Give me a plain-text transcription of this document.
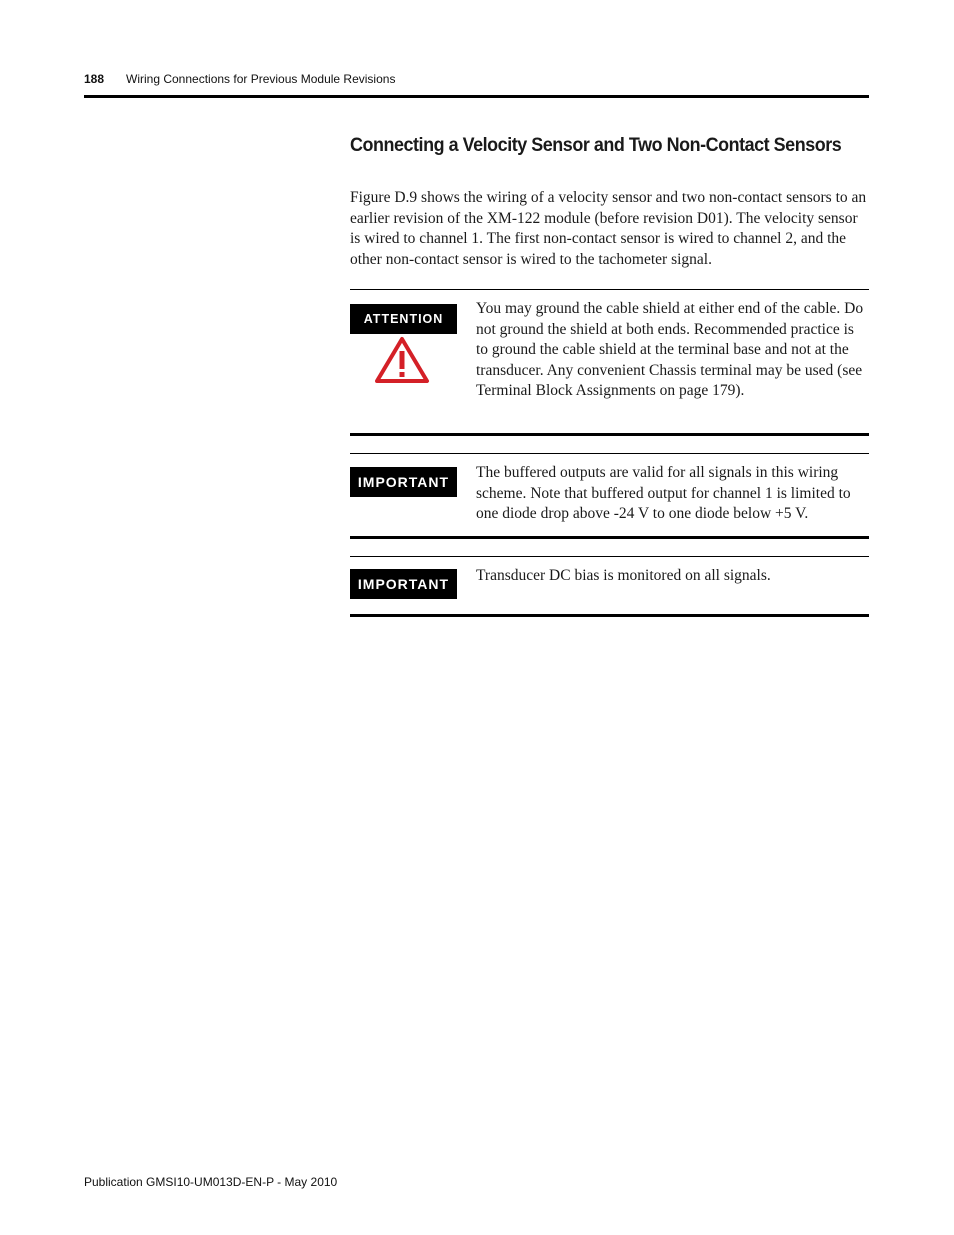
188 Wiring Connections for Previous Module Revisions
Connecting a Velocity Sensor and Two Non-Contact Sensors
Figure D.9 shows the wiring of a velocity sensor and two non-contact sensors to an earlier revision of the XM-122 module (before revision D01). The velocity sensor is wired to channel 1. The first non-contact sensor is wired to channel 2, and the other non-contact sensor is wired to the tachometer signal.
ATTENTION
You may ground the cable shield at either end of the cable. Do not ground the shield at both ends. Recommended practice is to ground the cable shield at the terminal base and not at the transducer. Any convenient Chassis terminal may be used (see Terminal Block Assignments on page 179).
IMPORTANT
The buffered outputs are valid for all signals in this wiring scheme. Note that buffered output for channel 1 is limited to one diode drop above -24 V to one diode below +5 V.
IMPORTANT	Transducer DC bias is monitored on all signals.
Publication GMSI10-UM013D-EN-P - May 2010
